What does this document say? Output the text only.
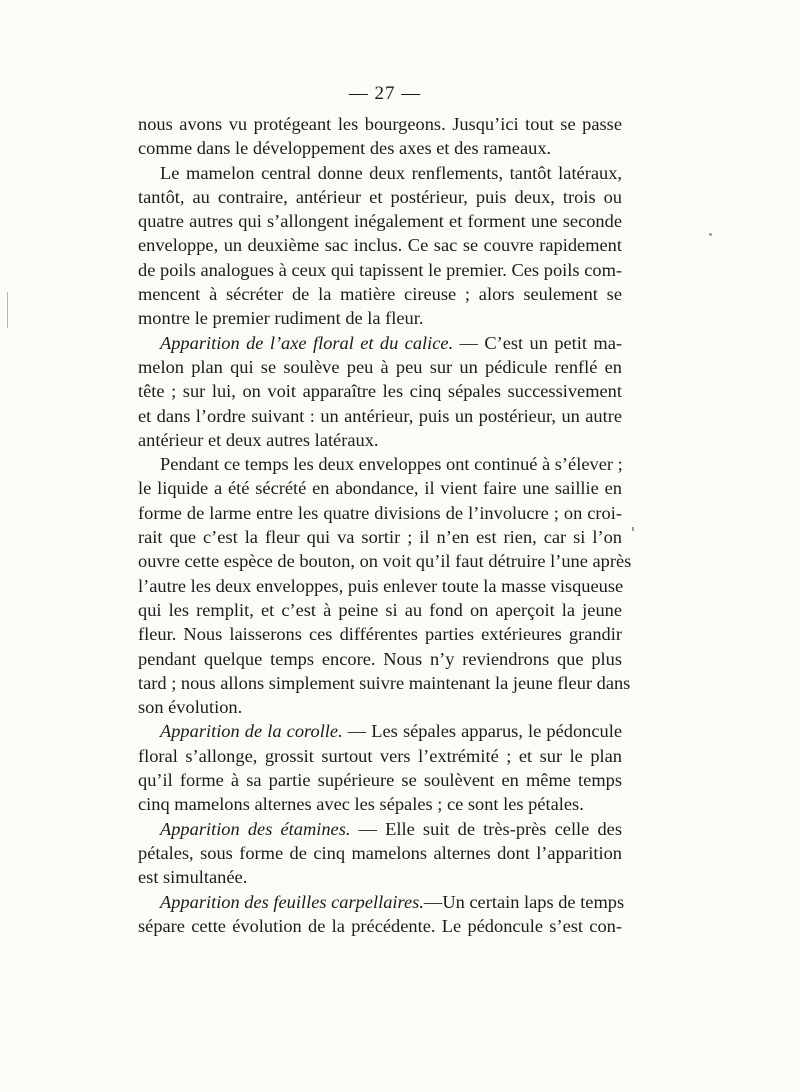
— 27 —
nous avons vu protégeant les bourgeons. Jusqu’ici tout se passe
comme dans le développement des axes et des rameaux.
Le mamelon central donne deux renflements, tantôt latéraux,
tantôt, au contraire, antérieur et postérieur, puis deux, trois ou
quatre autres qui s’allongent inégalement et forment une seconde
enveloppe, un deuxième sac inclus. Ce sac se couvre rapidement
de poils analogues à ceux qui tapissent le premier. Ces poils com-
mencent à sécréter de la matière cireuse ; alors seulement se
montre le premier rudiment de la fleur.
Apparition de l’axe floral et du calice. — C’est un petit ma-
melon plan qui se soulève peu à peu sur un pédicule renflé en
tête ; sur lui, on voit apparaître les cinq sépales successivement
et dans l’ordre suivant : un antérieur, puis un postérieur, un autre
antérieur et deux autres latéraux.
Pendant ce temps les deux enveloppes ont continué à s’élever ;
le liquide a été sécrété en abondance, il vient faire une saillie en
forme de larme entre les quatre divisions de l’involucre ; on croi-
rait que c’est la fleur qui va sortir ; il n’en est rien, car si l’on
ouvre cette espèce de bouton, on voit qu’il faut détruire l’une après
l’autre les deux enveloppes, puis enlever toute la masse visqueuse
qui les remplit, et c’est à peine si au fond on aperçoit la jeune
fleur. Nous laisserons ces différentes parties extérieures grandir
pendant quelque temps encore. Nous n’y reviendrons que plus
tard ; nous allons simplement suivre maintenant la jeune fleur dans
son évolution.
Apparition de la corolle. — Les sépales apparus, le pédoncule
floral s’allonge, grossit surtout vers l’extrémité ; et sur le plan
qu’il forme à sa partie supérieure se soulèvent en même temps
cinq mamelons alternes avec les sépales ; ce sont les pétales.
Apparition des étamines. — Elle suit de très-près celle des
pétales, sous forme de cinq mamelons alternes dont l’apparition
est simultanée.
Apparition des feuilles carpellaires.—Un certain laps de temps
sépare cette évolution de la précédente. Le pédoncule s’est con-
